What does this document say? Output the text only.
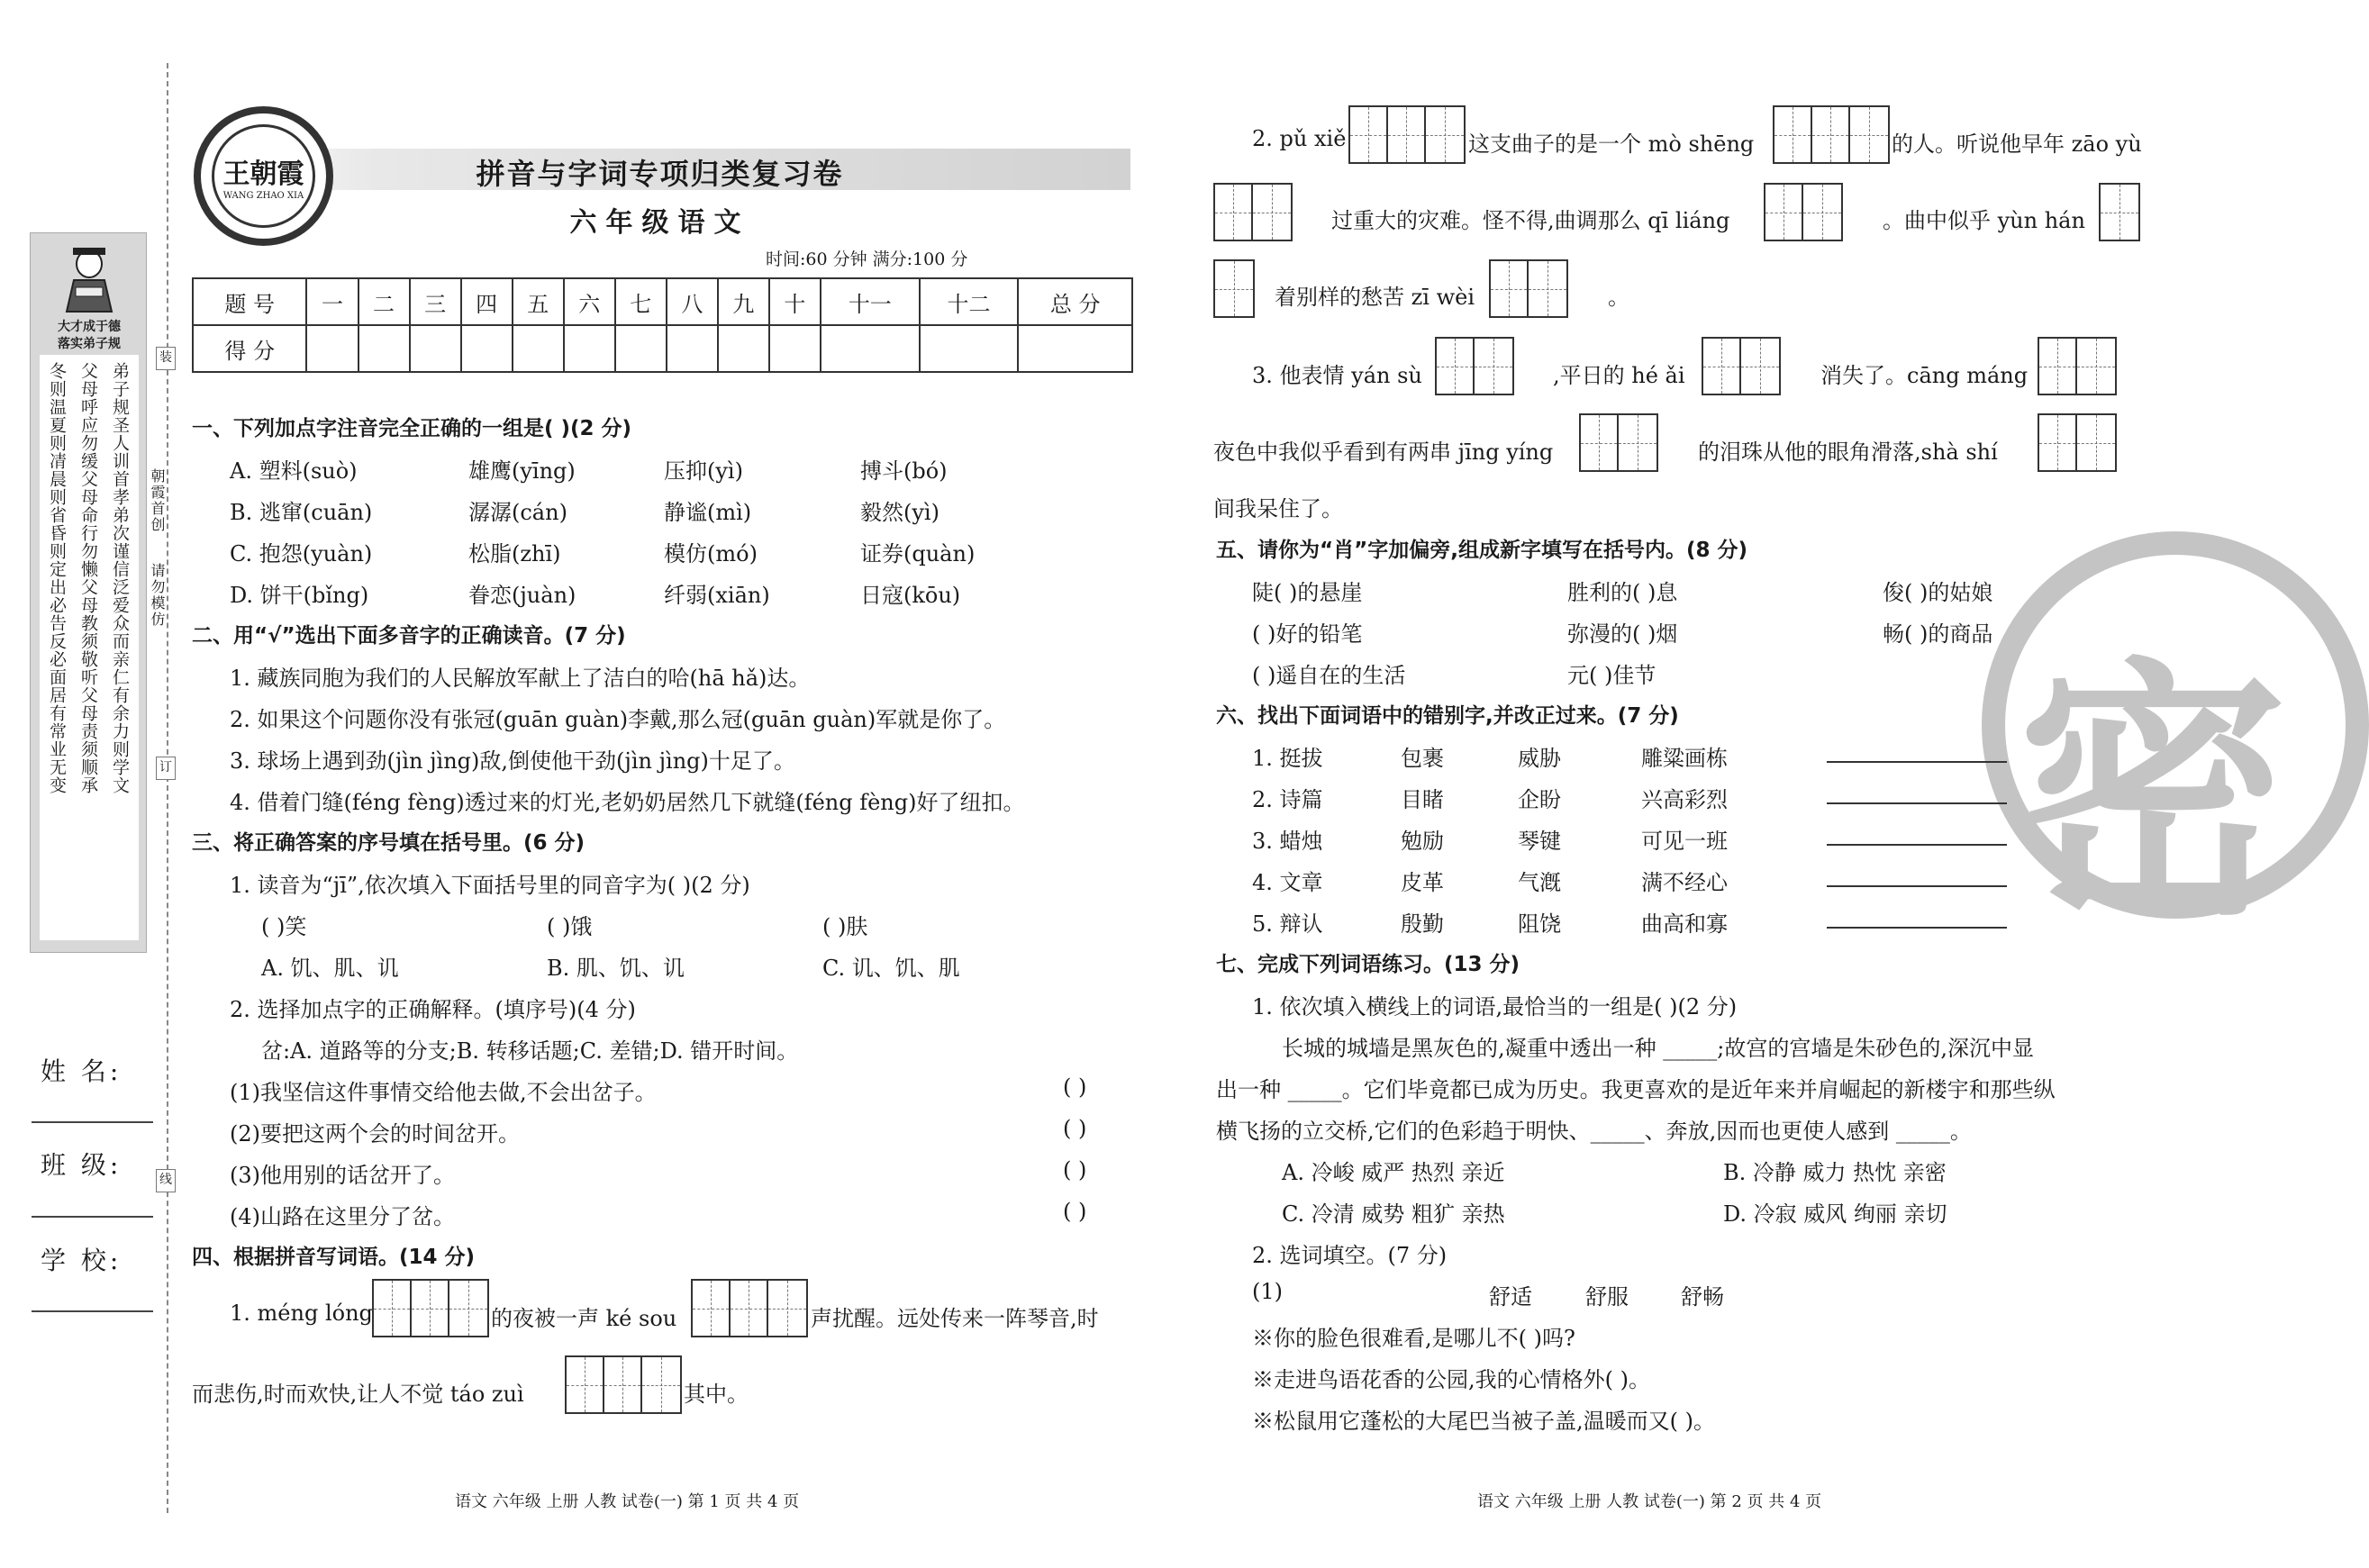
装
订
线
朝霞首创
请勿模仿
大才成于德
落实弟子规
弟子规圣人训首孝弟次谨信泛爱众而亲仁有余力则学文
父母呼应勿缓父母命行勿懒父母教须敬听父母责须顺承
冬则温夏则凊晨则省昏则定出必告反必面居有常业无变
姓 名:
班 级:
学 校:
王朝霞
WANG ZHAO XIA
拼音与字词专项归类复习卷
六年级语文
时间:60 分钟 满分:100 分
题 号	一	二	三	四	五	六	七	八	九	十	十一	十二	总 分
得 分													
一、下列加点字注音完全正确的一组是( )(2 分)
A. 塑料(suò)	雄鹰(yīng)	压抑(yì)	搏斗(bó)
B. 逃窜(cuān)	潺潺(cán)	静谧(mì)	毅然(yì)
C. 抱怨(yuàn)	松脂(zhī)	模仿(mó)	证券(quàn)
D. 饼干(bǐng)	眷恋(juàn)	纤弱(xiān)	日寇(kōu)
二、用“√”选出下面多音字的正确读音。(7 分)
1. 藏族同胞为我们的人民解放军献上了洁白的哈(hā hǎ)达。
2. 如果这个问题你没有张冠(guān guàn)李戴,那么冠(guān guàn)军就是你了。
3. 球场上遇到劲(jìn jìng)敌,倒使他干劲(jìn jìng)十足了。
4. 借着门缝(féng fèng)透过来的灯光,老奶奶居然几下就缝(féng fèng)好了纽扣。
三、将正确答案的序号填在括号里。(6 分)
1. 读音为“jī”,依次填入下面括号里的同音字为( )(2 分)
( )笑	( )饿	( )肤
A. 饥、肌、讥	B. 肌、饥、讥	C. 讥、饥、肌
2. 选择加点字的正确解释。(填序号)(4 分)
岔:A. 道路等的分支;B. 转移话题;C. 差错;D. 错开时间。
(1)我坚信这件事情交给他去做,不会出岔子。	( )
(2)要把这两个会的时间岔开。	( )
(3)他用别的话岔开了。	( )
(4)山路在这里分了岔。	( )
四、根据拼音写词语。(14 分)
1. méng lóng	的夜被一声 ké sou	声扰醒。远处传来一阵琴音,时
而悲伤,时而欢快,让人不觉 táo zuì	其中。
语文 六年级 上册 人教 试卷(一) 第 1 页 共 4 页
2. pǔ xiě	这支曲子的是一个 mò shēng	的人。听说他早年 zāo yù
过重大的灾难。怪不得,曲调那么 qī liáng	。曲中似乎 yùn hán
着别样的愁苦 zī wèi	。
3. 他表情 yán sù	,平日的 hé ǎi	消失了。cāng máng
夜色中我似乎看到有两串 jīng yíng	的泪珠从他的眼角滑落,shà shí
间我呆住了。
密
五、请你为“肖”字加偏旁,组成新字填写在括号内。(8 分)
陡( )的悬崖	胜利的( )息	俊( )的姑娘
( )好的铅笔	弥漫的( )烟	畅( )的商品
( )遥自在的生活	元( )佳节
六、找出下面词语中的错别字,并改正过来。(7 分)
1. 挺拔	包裹	威胁	雕粱画栋
2. 诗篇	目睹	企盼	兴高彩烈
3. 蜡烛	勉励	琴键	可见一班
4. 文章	皮革	气漑	满不经心
5. 辩认	殷勤	阻饶	曲高和寡
七、完成下列词语练习。(13 分)
1. 依次填入横线上的词语,最恰当的一组是( )(2 分)
长城的城墙是黑灰色的,凝重中透出一种 _____;故宫的宫墙是朱砂色的,深沉中显
出一种 _____。它们毕竟都已成为历史。我更喜欢的是近年来并肩崛起的新楼宇和那些纵
横飞扬的立交桥,它们的色彩趋于明快、_____、奔放,因而也更使人感到 _____。
A. 冷峻 威严 热烈 亲近	B. 冷静 威力 热忱 亲密
C. 冷清 威势 粗犷 亲热	D. 冷寂 威风 绚丽 亲切
2. 选词填空。(7 分)
(1)	舒适 舒服 舒畅
※你的脸色很难看,是哪儿不( )吗?
※走进鸟语花香的公园,我的心情格外( )。
※松鼠用它蓬松的大尾巴当被子盖,温暖而又( )。
语文 六年级 上册 人教 试卷(一) 第 2 页 共 4 页
